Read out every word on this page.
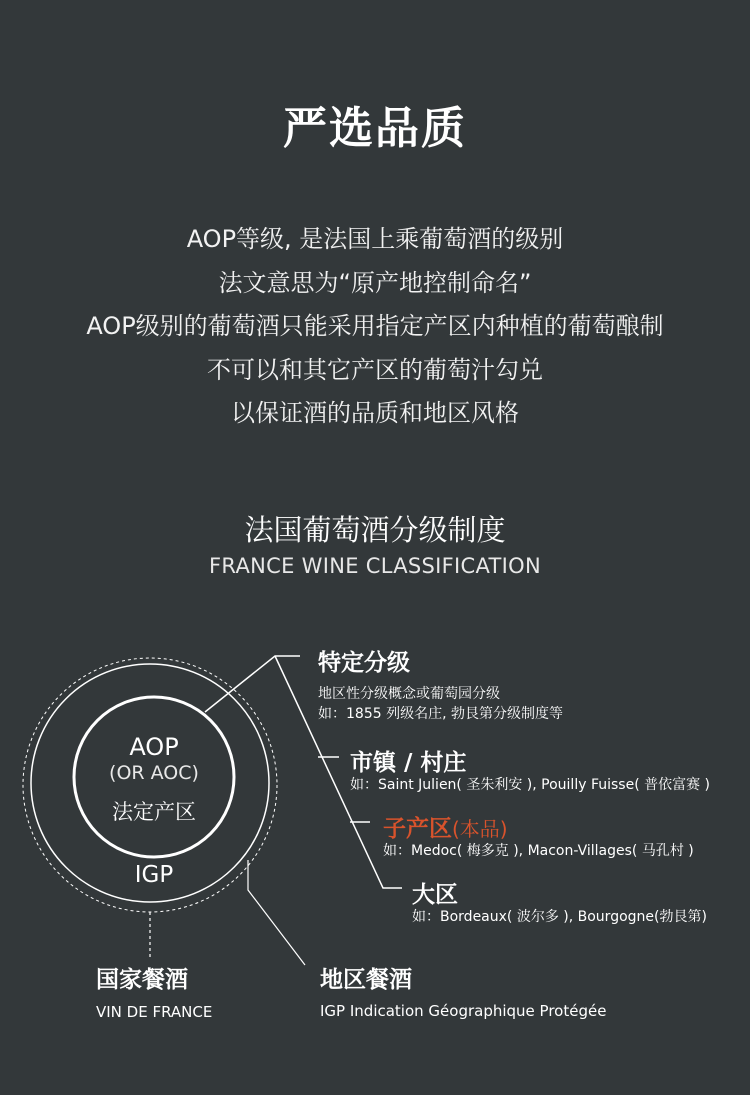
严选品质
AOP等级, 是法国上乘葡萄酒的级别
法文意思为“原产地控制命名”
AOP级别的葡萄酒只能采用指定产区内种植的葡萄酿制
不可以和其它产区的葡萄汁勾兑
以保证酒的品质和地区风格
法国葡萄酒分级制度
FRANCE WINE CLASSIFICATION
AOP
(OR AOC)
法定产区
IGP
特定分级
地区性分级概念或葡萄园分级
如：1855 列级名庄, 勃艮第分级制度等
市镇 / 村庄
如：Saint Julien( 圣朱利安 ), Pouilly Fuisse( 普依富赛 )
子产区(本品)
如：Medoc( 梅多克 ), Macon-Villages( 马孔村 )
大区
如：Bordeaux( 波尔多 ), Bourgogne(勃艮第)
国家餐酒
VIN DE FRANCE
地区餐酒
IGP Indication Géographique Protégée
